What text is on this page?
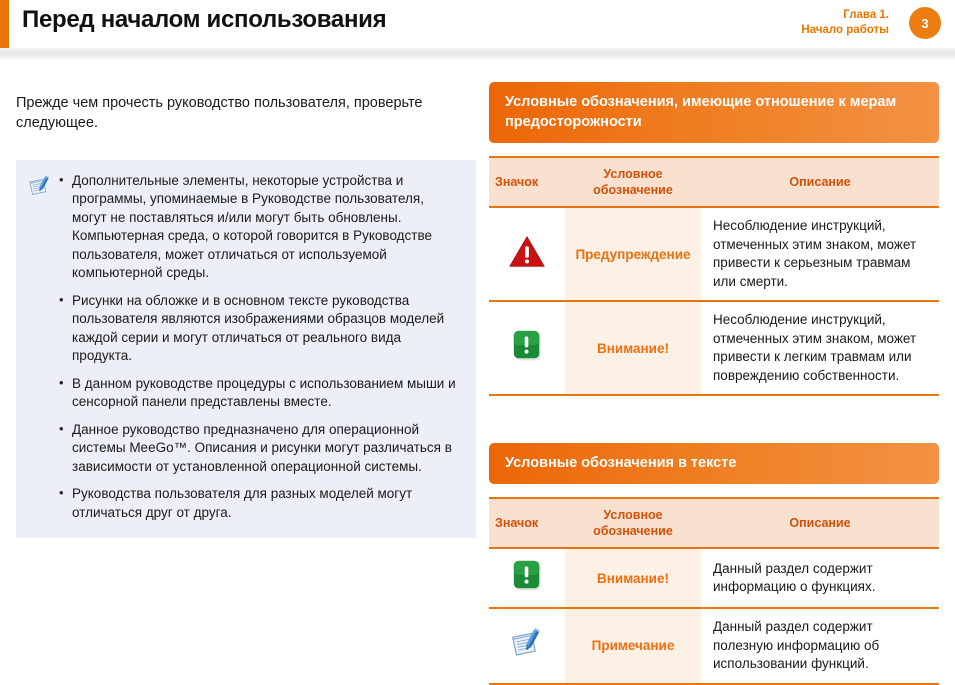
Перед началом использования	Глава 1.
Начало работы	3

Прежде чем прочесть руководство пользователя, проверьте следующее.

• Дополнительные элементы, некоторые устройства и программы, упоминаемые в Руководстве пользователя, могут не поставляться и/или могут быть обновлены. Компьютерная среда, о которой говорится в Руководстве пользователя, может отличаться от используемой компьютерной среды.
• Рисунки на обложке и в основном тексте руководства пользователя являются изображениями образцов моделей каждой серии и могут отличаться от реального вида продукта.
• В данном руководстве процедуры с использованием мыши и сенсорной панели представлены вместе.
• Данное руководство предназначено для операционной системы MeeGo™. Описания и рисунки могут различаться в зависимости от установленной операционной системы.
• Руководства пользователя для разных моделей могут отличаться друг от друга.
Условные обозначения, имеющие отношение к мерам предосторожности
Значок	Условное обозначение	Описание
	Предупреждение	Несоблюдение инструкций, отмеченных этим знаком, может привести к серьезным травмам или смерти.
	Внимание!	Несоблюдение инструкций, отмеченных этим знаком, может привести к легким травмам или повреждению собственности.
Условные обозначения в тексте
Значок	Условное обозначение	Описание
	Внимание!	Данный раздел содержит информацию о функциях.
	Примечание	Данный раздел содержит полезную информацию об использовании функций.
